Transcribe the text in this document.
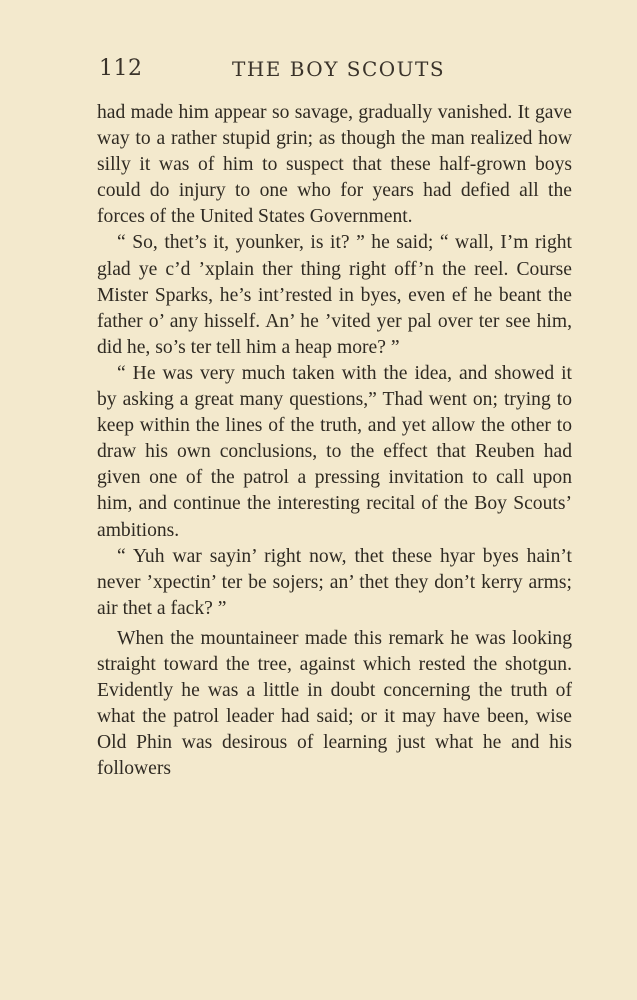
112	THE BOY SCOUTS

had made him appear so savage, gradually vanished. It gave way to a rather stupid grin; as though the man realized how silly it was of him to suspect that these half-grown boys could do injury to one who for years had defied all the forces of the United States Government.

“ So, thet’s it, younker, is it? ” he said; “ wall, I’m right glad ye c’d ’xplain ther thing right off’n the reel. Course Mister Sparks, he’s int’rested in byes, even ef he beant the father o’ any hisself. An’ he ’vited yer pal over ter see him, did he, so’s ter tell him a heap more? ”

“ He was very much taken with the idea, and showed it by asking a great many questions,” Thad went on; trying to keep within the lines of the truth, and yet allow the other to draw his own conclusions, to the effect that Reuben had given one of the patrol a pressing invitation to call upon him, and continue the interesting recital of the Boy Scouts’ ambitions.

“ Yuh war sayin’ right now, thet these hyar byes hain’t never ’xpectin’ ter be sojers; an’ thet they don’t kerry arms; air thet a fack? ”

When the mountaineer made this remark he was looking straight toward the tree, against which rested the shotgun. Evidently he was a little in doubt concerning the truth of what the patrol leader had said; or it may have been, wise Old Phin was desirous of learning just what he and his followers
